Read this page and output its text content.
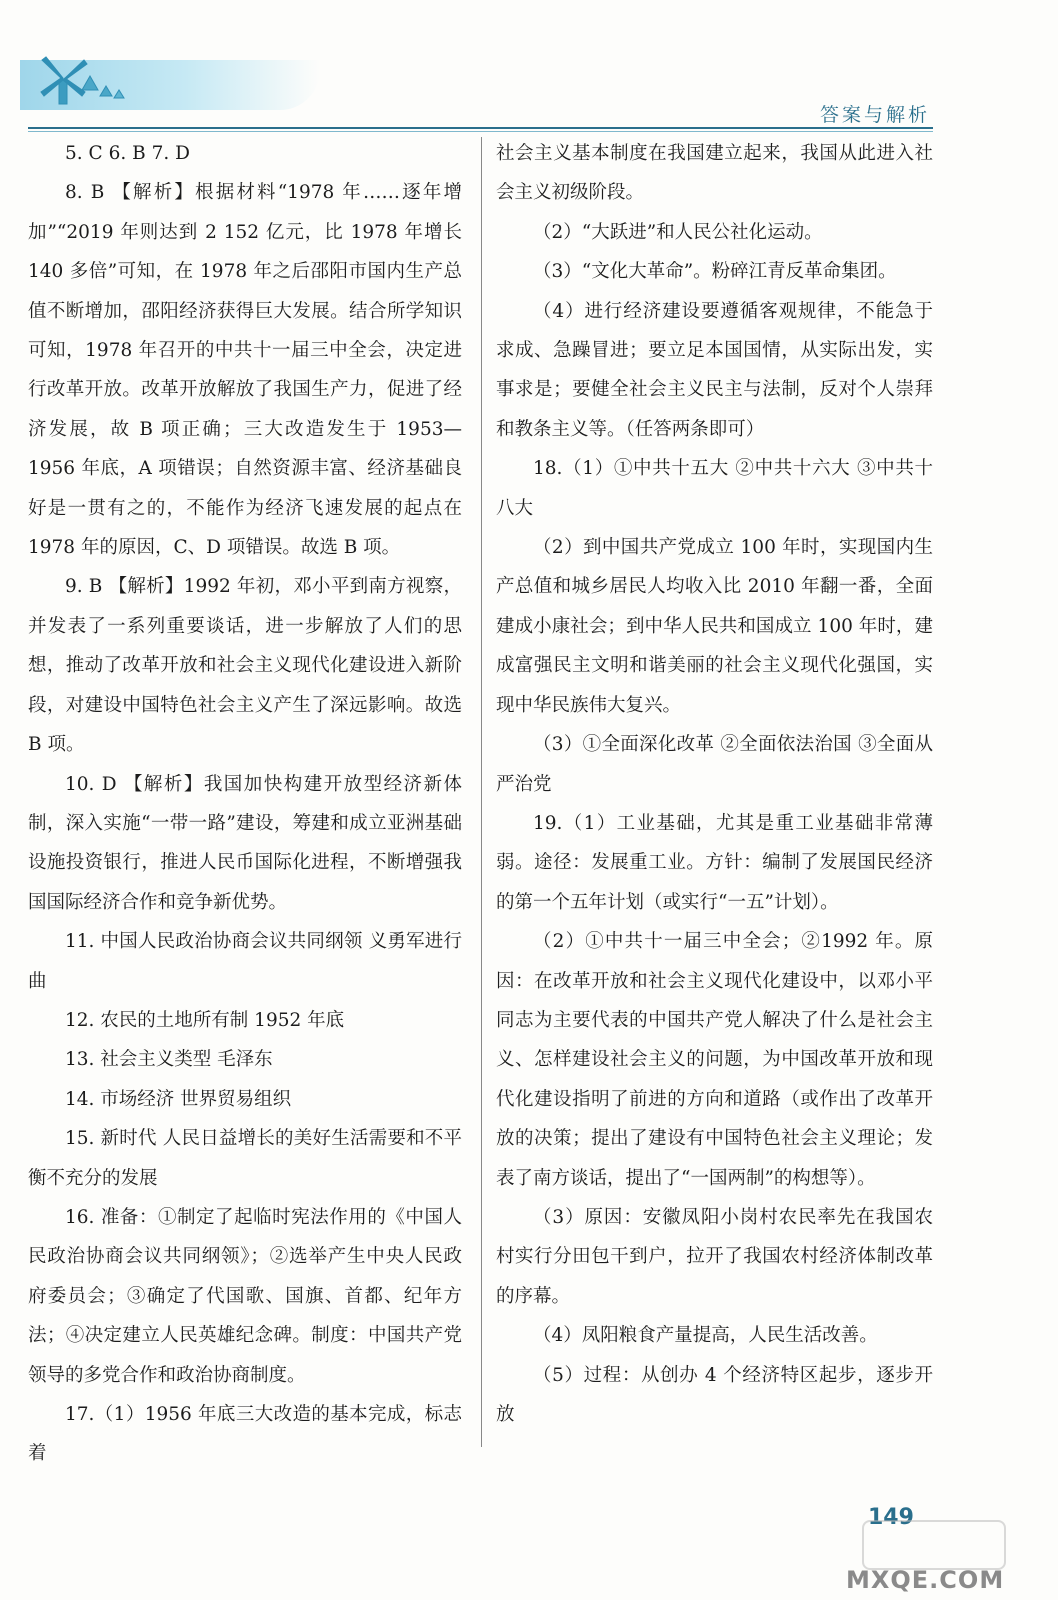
答案与解析

5. C 6. B 7. D

8. B 【解析】根据材料“1978 年……逐年增加”“2019 年则达到 2 152 亿元，比 1978 年增长 140 多倍”可知，在 1978 年之后邵阳市国内生产总值不断增加，邵阳经济获得巨大发展。结合所学知识可知，1978 年召开的中共十一届三中全会，决定进行改革开放。改革开放解放了我国生产力，促进了经济发展，故 B 项正确；三大改造发生于 1953—1956 年底，A 项错误；自然资源丰富、经济基础良好是一贯有之的，不能作为经济飞速发展的起点在 1978 年的原因，C、D 项错误。故选 B 项。

9. B 【解析】1992 年初，邓小平到南方视察，并发表了一系列重要谈话，进一步解放了人们的思想，推动了改革开放和社会主义现代化建设进入新阶段，对建设中国特色社会主义产生了深远影响。故选 B 项。

10. D 【解析】我国加快构建开放型经济新体制，深入实施“一带一路”建设，筹建和成立亚洲基础设施投资银行，推进人民币国际化进程，不断增强我国国际经济合作和竞争新优势。

11. 中国人民政治协商会议共同纲领 义勇军进行曲

12. 农民的土地所有制 1952 年底

13. 社会主义类型 毛泽东

14. 市场经济 世界贸易组织

15. 新时代 人民日益增长的美好生活需要和不平衡不充分的发展

16. 准备：①制定了起临时宪法作用的《中国人民政治协商会议共同纲领》；②选举产生中央人民政府委员会；③确定了代国歌、国旗、首都、纪年方法；④决定建立人民英雄纪念碑。制度：中国共产党领导的多党合作和政治协商制度。

17.（1）1956 年底三大改造的基本完成，标志着

社会主义基本制度在我国建立起来，我国从此进入社会主义初级阶段。

（2）“大跃进”和人民公社化运动。

（3）“文化大革命”。粉碎江青反革命集团。

（4）进行经济建设要遵循客观规律，不能急于求成、急躁冒进；要立足本国国情，从实际出发，实事求是；要健全社会主义民主与法制，反对个人崇拜和教条主义等。（任答两条即可）

18.（1）①中共十五大 ②中共十六大 ③中共十八大

（2）到中国共产党成立 100 年时，实现国内生产总值和城乡居民人均收入比 2010 年翻一番，全面建成小康社会；到中华人民共和国成立 100 年时，建成富强民主文明和谐美丽的社会主义现代化强国，实现中华民族伟大复兴。

（3）①全面深化改革 ②全面依法治国 ③全面从严治党

19.（1）工业基础，尤其是重工业基础非常薄弱。途径：发展重工业。方针：编制了发展国民经济的第一个五年计划（或实行“一五”计划）。

（2）①中共十一届三中全会；②1992 年。原因：在改革开放和社会主义现代化建设中，以邓小平同志为主要代表的中国共产党人解决了什么是社会主义、怎样建设社会主义的问题，为中国改革开放和现代化建设指明了前进的方向和道路（或作出了改革开放的决策；提出了建设有中国特色社会主义理论；发表了南方谈话，提出了“一国两制”的构想等）。

（3）原因：安徽凤阳小岗村农民率先在我国农村实行分田包干到户，拉开了我国农村经济体制改革的序幕。

（4）凤阳粮食产量提高，人民生活改善。

（5）过程：从创办 4 个经济特区起步，逐步开放

149
MXQE.COM
